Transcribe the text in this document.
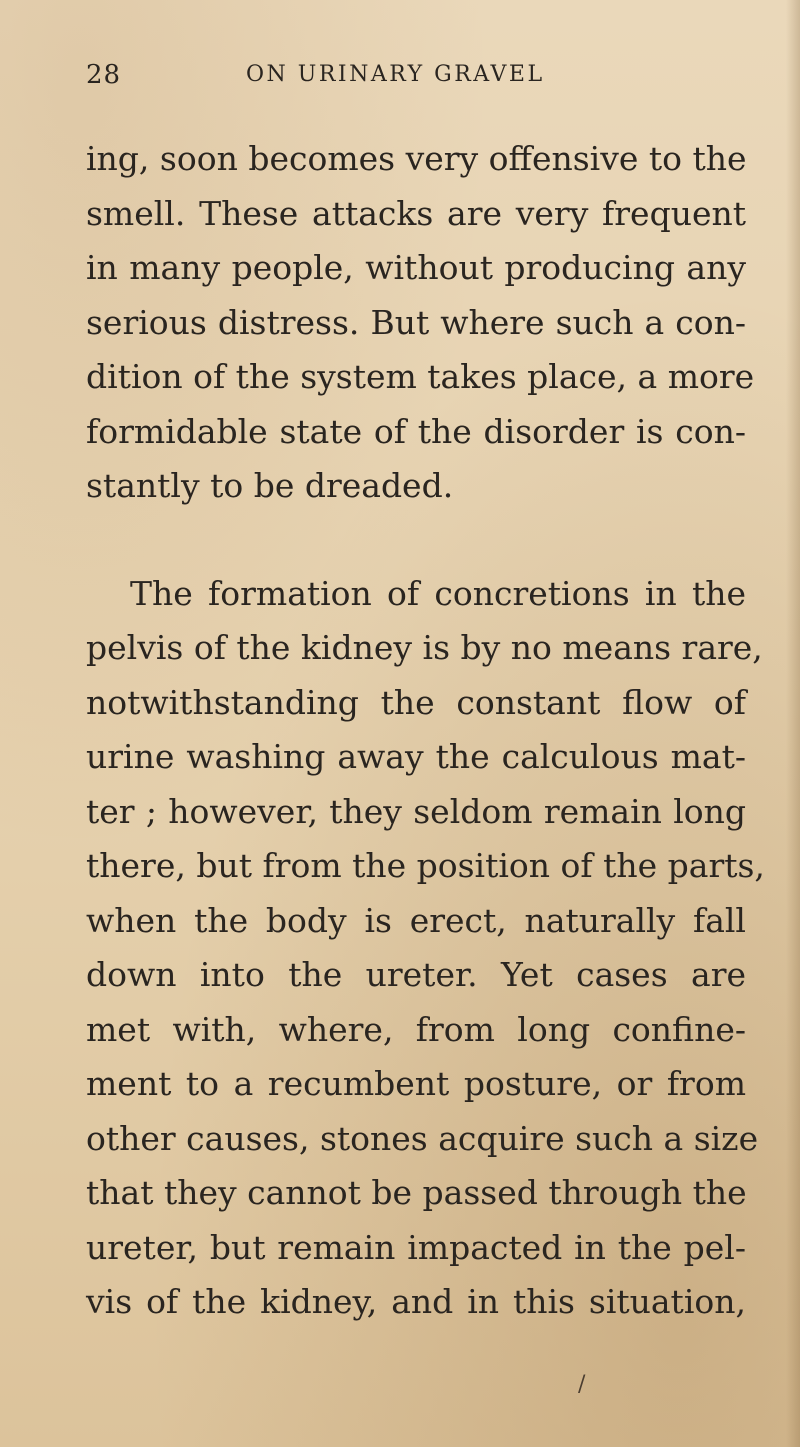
28	ON URINARY GRAVEL
ing, soon becomes very offensive to the
smell. These attacks are very frequent
in many people, without producing any
serious distress. But where such a con-
dition of the system takes place, a more
formidable state of the disorder is con-
stantly to be dreaded.
The formation of concretions in the
pelvis of the kidney is by no means rare,
notwithstanding the constant flow of
urine washing away the calculous mat-
ter ; however, they seldom remain long
there, but from the position of the parts,
when the body is erect, naturally fall
down into the ureter. Yet cases are
met with, where, from long confine-
ment to a recumbent posture, or from
other causes, stones acquire such a size
that they cannot be passed through the
ureter, but remain impacted in the pel-
vis of the kidney, and in this situation,
/
